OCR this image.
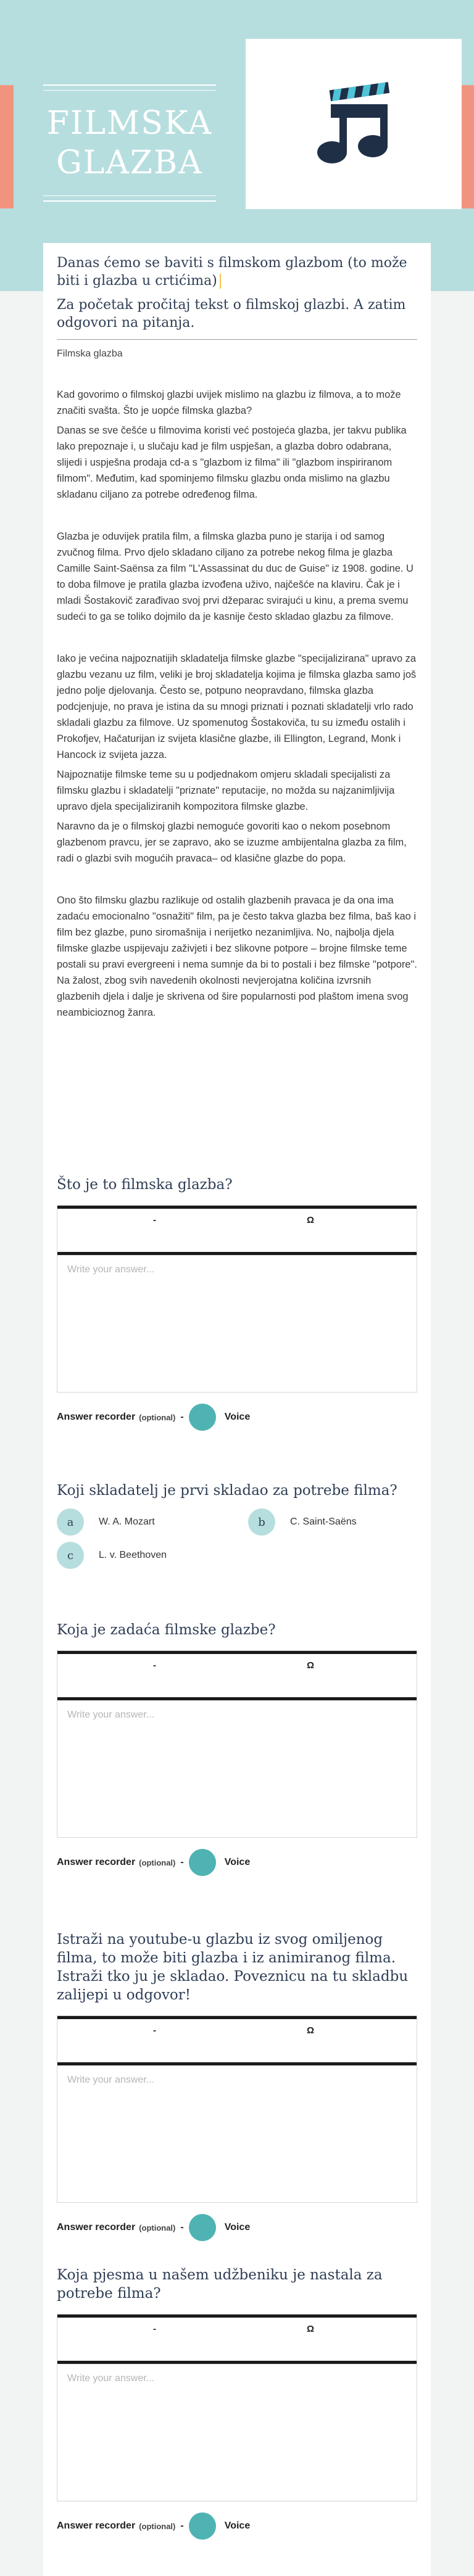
FILMSKA
GLAZBA
Danas ćemo se baviti s filmskom glazbom (to može biti i glazba u crtićima)
Za početak pročitaj tekst o filmskoj glazbi. A zatim odgovori na pitanja.
Filmska glazba

Kad govorimo o filmskoj glazbi uvijek mislimo na glazbu iz filmova, a to može značiti svašta. Što je uopće filmska glazba?

Danas se sve češće u filmovima koristi već postojeća glazba, jer takvu publika lako prepoznaje i, u slučaju kad je film uspješan, a glazba dobro odabrana, slijedi i uspješna prodaja cd-a s "glazbom iz filma" ili "glazbom inspiriranom filmom". Međutim, kad spominjemo filmsku glazbu onda mislimo na glazbu skladanu ciljano za potrebe određenog filma.

Glazba je oduvijek pratila film, a filmska glazba puno je starija i od samog zvučnog filma. Prvo djelo skladano ciljano za potrebe nekog filma je glazba Camille Saint-Saënsa za film "L'Assassinat du duc de Guise" iz 1908. godine. U to doba filmove je pratila glazba izvođena uživo, najčešće na klaviru. Čak je i mladi Šostakovič zarađivao svoj prvi džeparac svirajući u kinu, a prema svemu sudeći to ga se toliko dojmilo da je kasnije često skladao glazbu za filmove.

Iako je većina najpoznatijih skladatelja filmske glazbe "specijalizirana" upravo za glazbu vezanu uz film, veliki je broj skladatelja kojima je filmska glazba samo još jedno polje djelovanja. Često se, potpuno neopravdano, filmska glazba podcjenjuje, no prava je istina da su mnogi priznati i poznati skladatelji vrlo rado skladali glazbu za filmove. Uz spomenutog Šostakoviča, tu su između ostalih i Prokofjev, Hačaturijan iz svijeta klasične glazbe, ili Ellington, Legrand, Monk i Hancock iz svijeta jazza.

Najpoznatije filmske teme su u podjednakom omjeru skladali specijalisti za filmsku glazbu i skladatelji "priznate" reputacije, no možda su najzanimljivija upravo djela specijaliziranih kompozitora filmske glazbe.

Naravno da je o filmskoj glazbi nemoguće govoriti kao o nekom posebnom glazbenom pravcu, jer se zapravo, ako se izuzme ambijentalna glazba za film, radi o glazbi svih mogućih pravaca– od klasične glazbe do popa.

Ono što filmsku glazbu razlikuje od ostalih glazbenih pravaca je da ona ima zadaću emocionalno "osnažiti" film, pa je često takva glazba bez filma, baš kao i film bez glazbe, puno siromašnija i nerijetko nezanimljiva. No, najbolja djela filmske glazbe uspijevaju zaživjeti i bez slikovne potpore – brojne filmske teme postali su pravi evergreeni i nema sumnje da bi to postali i bez filmske "potpore". Na žalost, zbog svih navedenih okolnosti nevjerojatna količina izvrsnih glazbenih djela i dalje je skrivena od šire popularnosti pod plaštom imena svog neambicioznog žanra.

Što je to filmska glazba?
-	Ω
Write your answer...
Answer recorder (optional) -	Voice
Koji skladatelj je prvi skladao za potrebe filma?
a	W. A. Mozart	b	C. Saint-Saëns
c	L. v. Beethoven
Koja je zadaća filmske glazbe?
-	Ω
Write your answer...
Answer recorder (optional) -	Voice
Istraži na youtube-u glazbu iz svog omiljenog filma, to može biti glazba i iz animiranog filma. Istraži tko ju je skladao. Poveznicu na tu skladbu zalijepi u odgovor!
-	Ω
Write your answer...
Answer recorder (optional) -	Voice
Koja pjesma u našem udžbeniku je nastala za potrebe filma?
-	Ω
Write your answer...
Answer recorder (optional) -	Voice
